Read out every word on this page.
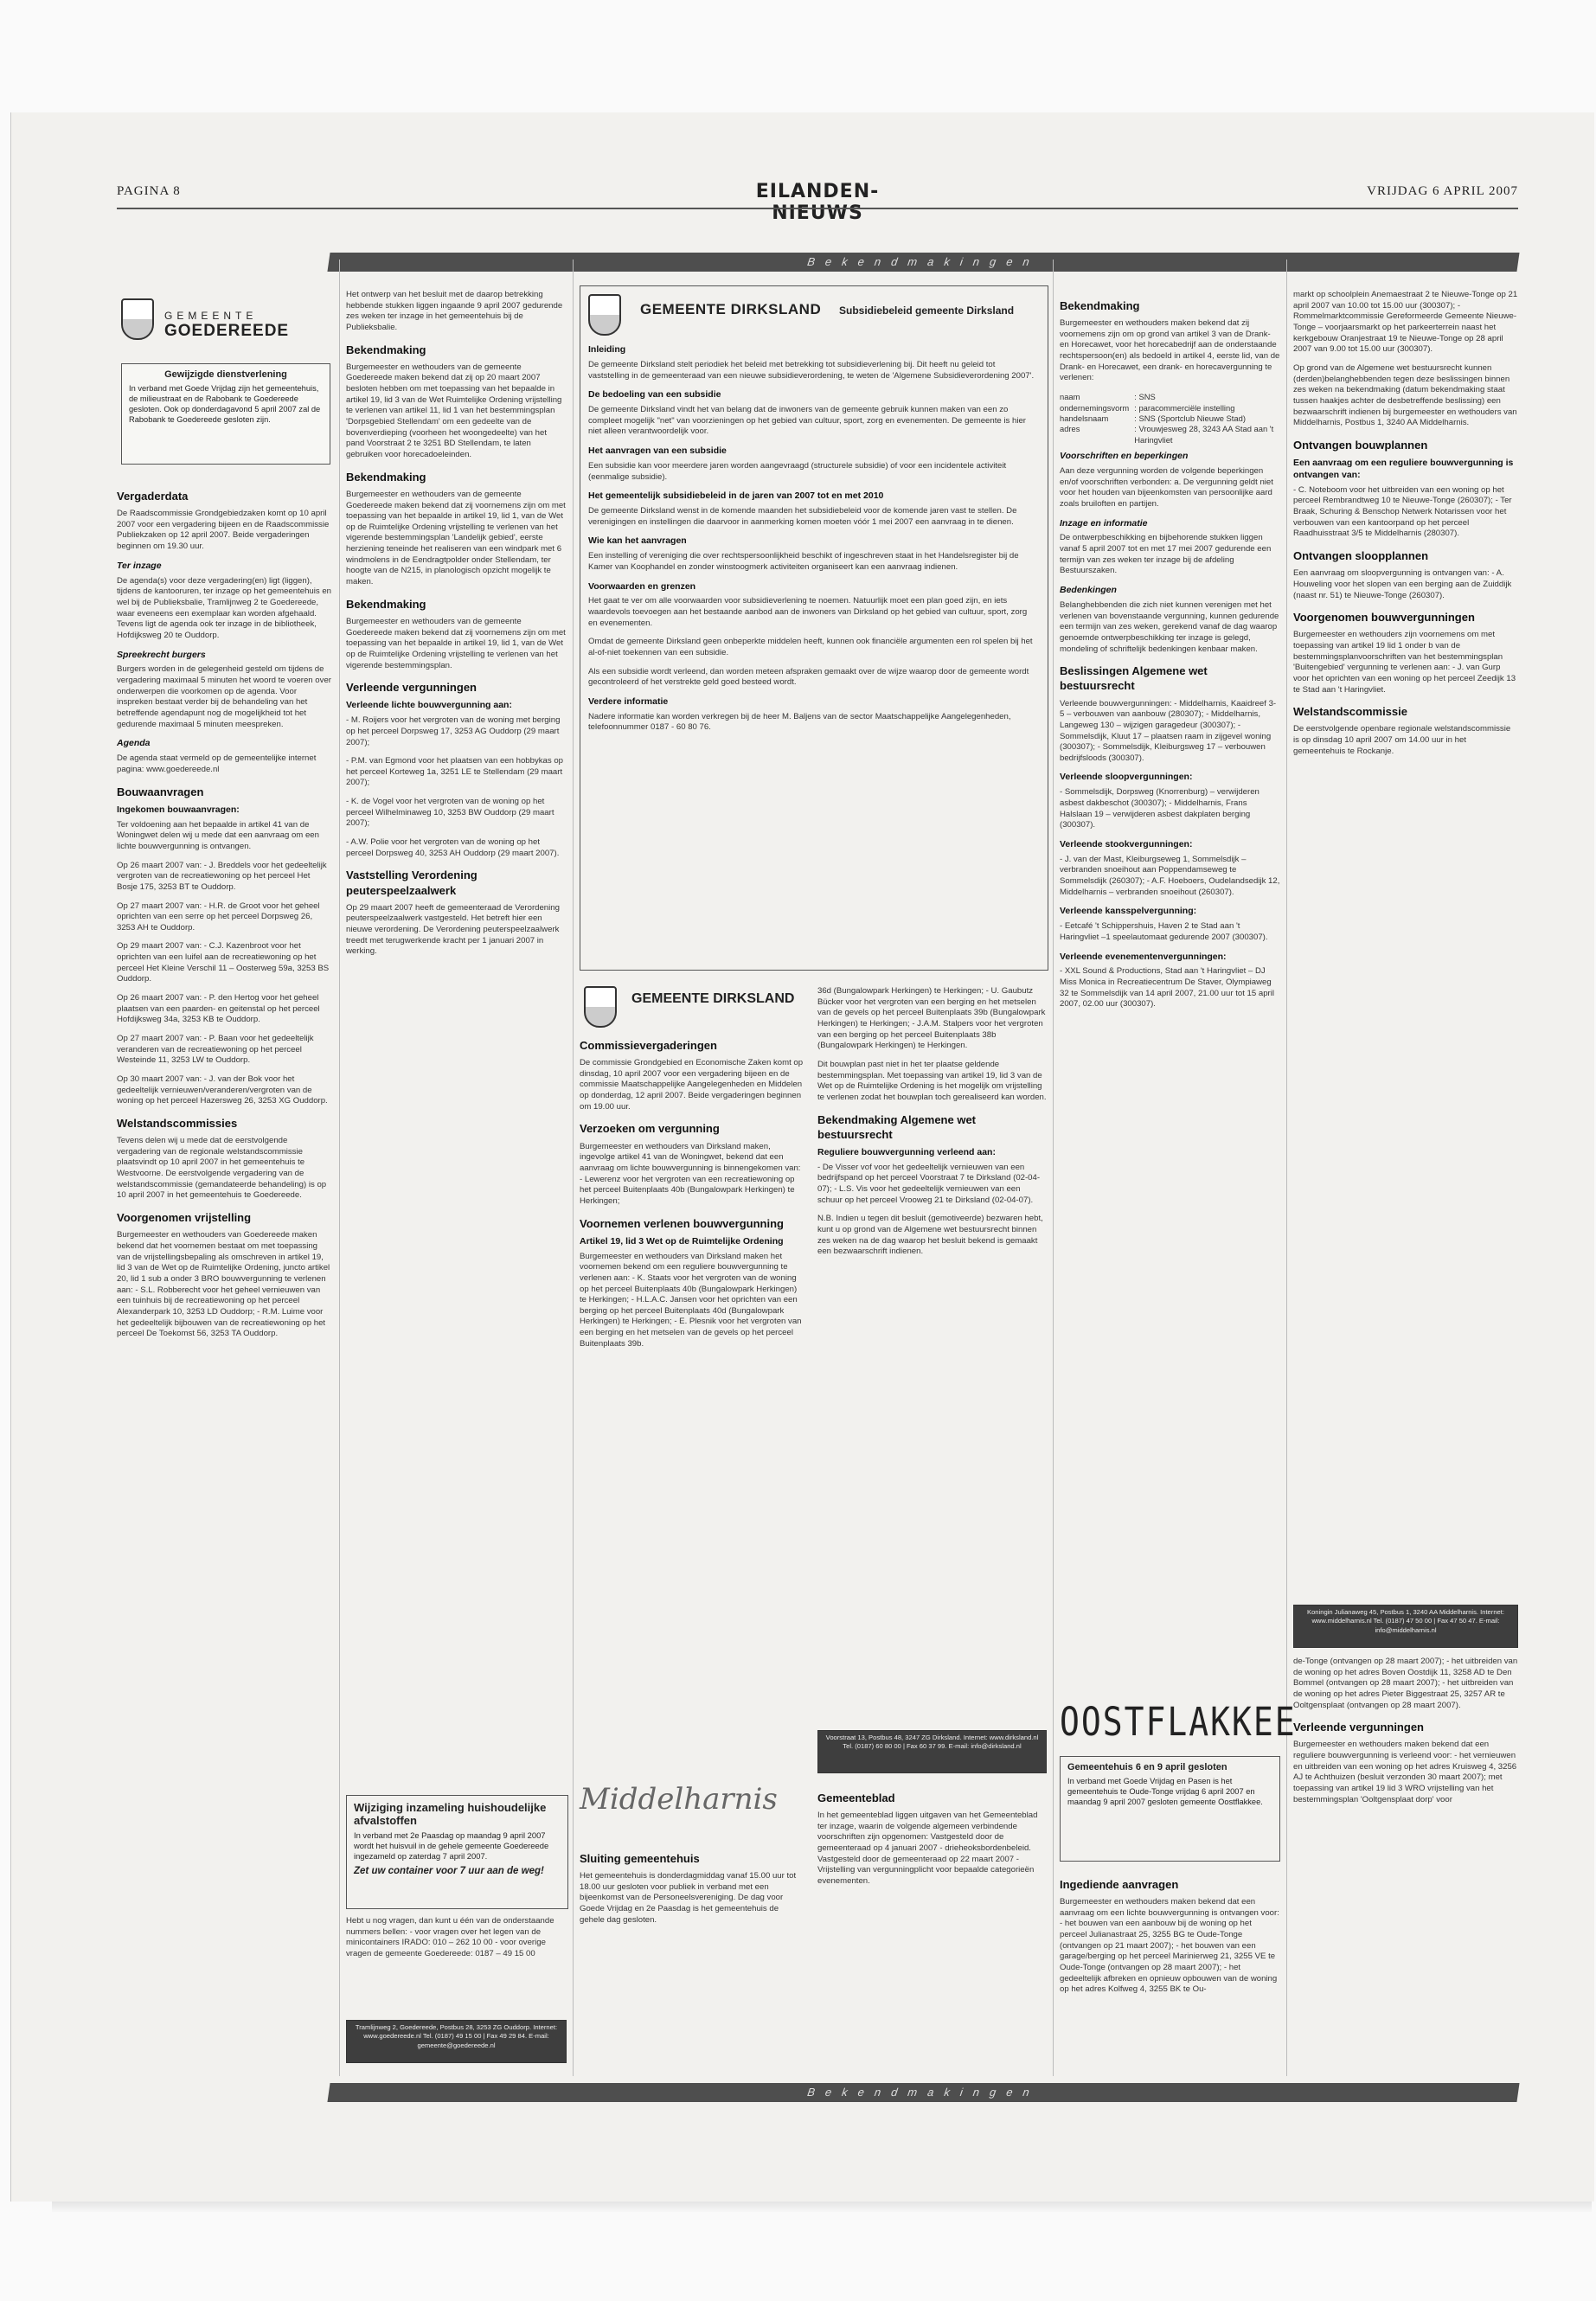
PAGINA 8	EILANDEN-NIEUWS
VRIJDAG 6 APRIL 2007
Bekendmakingen
Bekendmakingen
GEMEENTE
GOEDEREEDE
Gewijzigde dienstverlening
In verband met Goede Vrijdag zijn het gemeentehuis, de milieustraat en de Rabobank te Goedereede gesloten. Ook op donderdagavond 5 april 2007 zal de Rabobank te Goedereede gesloten zijn.
Vergaderdata

De Raadscommissie Grondgebiedzaken komt op 10 april 2007 voor een vergadering bijeen en de Raadscommissie Publiekzaken op 12 april 2007. Beide vergaderingen beginnen om 19.30 uur.

Ter inzage

De agenda(s) voor deze vergadering(en) ligt (liggen), tijdens de kantooruren, ter inzage op het gemeentehuis en wel bij de Publieksbalie, Tramlijnweg 2 te Goedereede, waar eveneens een exemplaar kan worden afgehaald. Tevens ligt de agenda ook ter inzage in de bibliotheek, Hofdijksweg 20 te Ouddorp.

Spreekrecht burgers

Burgers worden in de gelegenheid gesteld om tijdens de vergadering maximaal 5 minuten het woord te voeren over onderwerpen die voorkomen op de agenda. Voor inspreken bestaat verder bij de behandeling van het betreffende agendapunt nog de mogelijkheid tot het gedurende maximaal 5 minuten meespreken.

Agenda

De agenda staat vermeld op de gemeentelijke internet pagina: www.goedereede.nl

Bouwaanvragen
Ingekomen bouwaanvragen:

Ter voldoening aan het bepaalde in artikel 41 van de Woningwet delen wij u mede dat een aanvraag om een lichte bouwvergunning is ontvangen.

Op 26 maart 2007 van: - J. Breddels voor het gedeeltelijk vergroten van de recreatiewoning op het perceel Het Bosje 175, 3253 BT te Ouddorp.

Op 27 maart 2007 van: - H.R. de Groot voor het geheel oprichten van een serre op het perceel Dorpsweg 26, 3253 AH te Ouddorp.

Op 29 maart 2007 van: - C.J. Kazenbroot voor het oprichten van een luifel aan de recreatiewoning op het perceel Het Kleine Verschil 11 – Oosterweg 59a, 3253 BS Ouddorp.

Op 26 maart 2007 van: - P. den Hertog voor het geheel plaatsen van een paarden- en geitenstal op het perceel Hofdijksweg 34a, 3253 KB te Ouddorp.

Op 27 maart 2007 van: - P. Baan voor het gedeeltelijk veranderen van de recreatiewoning op het perceel Westeinde 11, 3253 LW te Ouddorp.

Op 30 maart 2007 van: - J. van der Bok voor het gedeeltelijk vernieuwen/veranderen/vergroten van de woning op het perceel Hazersweg 26, 3253 XG Ouddorp.

Welstandscommissies

Tevens delen wij u mede dat de eerstvolgende vergadering van de regionale welstandscommissie plaatsvindt op 10 april 2007 in het gemeentehuis te Westvoorne. De eerstvolgende vergadering van de welstandscommissie (gemandateerde behandeling) is op 10 april 2007 in het gemeentehuis te Goedereede.

Voorgenomen vrijstelling

Burgemeester en wethouders van Goedereede maken bekend dat het voornemen bestaat om met toepassing van de vrijstellingsbepaling als omschreven in artikel 19, lid 3 van de Wet op de Ruimtelijke Ordening, juncto artikel 20, lid 1 sub a onder 3 BRO bouwvergunning te verlenen aan: - S.L. Robberecht voor het geheel vernieuwen van een tuinhuis bij de recreatiewoning op het perceel Alexanderpark 10, 3253 LD Ouddorp; - R.M. Luime voor het gedeeltelijk bijbouwen van de recreatiewoning op het perceel De Toekomst 56, 3253 TA Ouddorp.

Het ontwerp van het besluit met de daarop betrekking hebbende stukken liggen ingaande 9 april 2007 gedurende zes weken ter inzage in het gemeentehuis bij de Publieksbalie.

Bekendmaking

Burgemeester en wethouders van de gemeente Goedereede maken bekend dat zij op 20 maart 2007 besloten hebben om met toepassing van het bepaalde in artikel 19, lid 3 van de Wet Ruimtelijke Ordening vrijstelling te verlenen van artikel 11, lid 1 van het bestemmingsplan 'Dorpsgebied Stellendam' om een gedeelte van de bovenverdieping (voorheen het woongedeelte) van het pand Voorstraat 2 te 3251 BD Stellendam, te laten gebruiken voor horecadoeleinden.

Bekendmaking

Burgemeester en wethouders van de gemeente Goedereede maken bekend dat zij voornemens zijn om met toepassing van het bepaalde in artikel 19, lid 1, van de Wet op de Ruimtelijke Ordening vrijstelling te verlenen van het vigerende bestemmingsplan 'Landelijk gebied', eerste herziening teneinde het realiseren van een windpark met 6 windmolens in de Eendragtpolder onder Stellendam, ter hoogte van de N215, in planologisch opzicht mogelijk te maken.

Bekendmaking

Burgemeester en wethouders van de gemeente Goedereede maken bekend dat zij voornemens zijn om met toepassing van het bepaalde in artikel 19, lid 1, van de Wet op de Ruimtelijke Ordening vrijstelling te verlenen van het vigerende bestemmingsplan.

Verleende vergunningen
Verleende lichte bouwvergunning aan:

- M. Roijers voor het vergroten van de woning met berging op het perceel Dorpsweg 17, 3253 AG Ouddorp (29 maart 2007);

- P.M. van Egmond voor het plaatsen van een hobbykas op het perceel Korteweg 1a, 3251 LE te Stellendam (29 maart 2007);

- K. de Vogel voor het vergroten van de woning op het perceel Wilhelminaweg 10, 3253 BW Ouddorp (29 maart 2007);

- A.W. Polie voor het vergroten van de woning op het perceel Dorpsweg 40, 3253 AH Ouddorp (29 maart 2007).

Vaststelling Verordening peuterspeelzaalwerk

Op 29 maart 2007 heeft de gemeenteraad de Verordening peuterspeelzaalwerk vastgesteld. Het betreft hier een nieuwe verordening. De Verordening peuterspeelzaalwerk treedt met terugwerkende kracht per 1 januari 2007 in werking.

Wijziging inzameling huishoudelijke afvalstoffen
In verband met 2e Paasdag op maandag 9 april 2007 wordt het huisvuil in de gehele gemeente Goedereede ingezameld op zaterdag 7 april 2007.
Zet uw container voor 7 uur aan de weg!

Hebt u nog vragen, dan kunt u één van de onderstaande nummers bellen: - voor vragen over het legen van de minicontainers IRADO: 010 – 262 10 00 - voor overige vragen de gemeente Goedereede: 0187 – 49 15 00

Tramlijnweg 2, Goedereede, Postbus 28, 3253 ZG Ouddorp. Internet: www.goedereede.nl Tel. (0187) 49 15 00 | Fax 49 29 84. E-mail: gemeente@goedereede.nl
GEMEENTE DIRKSLAND Subsidiebeleid gemeente Dirksland
Inleiding

De gemeente Dirksland stelt periodiek het beleid met betrekking tot subsidieverlening bij. Dit heeft nu geleid tot vaststelling in de gemeenteraad van een nieuwe subsidieverordening, te weten de 'Algemene Subsidieverordening 2007'.

De bedoeling van een subsidie

De gemeente Dirksland vindt het van belang dat de inwoners van de gemeente gebruik kunnen maken van een zo compleet mogelijk "net" van voorzieningen op het gebied van cultuur, sport, zorg en evenementen. De gemeente is hier niet alleen verantwoordelijk voor.

Het aanvragen van een subsidie

Een subsidie kan voor meerdere jaren worden aangevraagd (structurele subsidie) of voor een incidentele activiteit (eenmalige subsidie).

Het gemeentelijk subsidiebeleid in de jaren van 2007 tot en met 2010

De gemeente Dirksland wenst in de komende maanden het subsidiebeleid voor de komende jaren vast te stellen. De verenigingen en instellingen die daarvoor in aanmerking komen moeten vóór 1 mei 2007 een aanvraag in te dienen.

Wie kan het aanvragen

Een instelling of vereniging die over rechtspersoonlijkheid beschikt of ingeschreven staat in het Handelsregister bij de Kamer van Koophandel en zonder winstoogmerk activiteiten organiseert kan een aanvraag indienen.

Voorwaarden en grenzen

Het gaat te ver om alle voorwaarden voor subsidieverlening te noemen. Natuurlijk moet een plan goed zijn, en iets waardevols toevoegen aan het bestaande aanbod aan de inwoners van Dirksland op het gebied van cultuur, sport, zorg en evenementen.

Omdat de gemeente Dirksland geen onbeperkte middelen heeft, kunnen ook financiële argumenten een rol spelen bij het al-of-niet toekennen van een subsidie.

Als een subsidie wordt verleend, dan worden meteen afspraken gemaakt over de wijze waarop door de gemeente wordt gecontroleerd of het verstrekte geld goed besteed wordt.

Verdere informatie

Nadere informatie kan worden verkregen bij de heer M. Baljens van de sector Maatschappelijke Aangelegenheden, telefoonnummer 0187 - 60 80 76.

GEMEENTE DIRKSLAND
Commissievergaderingen

De commissie Grondgebied en Economische Zaken komt op dinsdag, 10 april 2007 voor een vergadering bijeen en de commissie Maatschappelijke Aangelegenheden en Middelen op donderdag, 12 april 2007. Beide vergaderingen beginnen om 19.00 uur.

Verzoeken om vergunning

Burgemeester en wethouders van Dirksland maken, ingevolge artikel 41 van de Woningwet, bekend dat een aanvraag om lichte bouwvergunning is binnengekomen van: - Lewerenz voor het vergroten van een recreatiewoning op het perceel Buitenplaats 40b (Bungalowpark Herkingen) te Herkingen;

Voornemen verlenen bouwvergunning
Artikel 19, lid 3 Wet op de Ruimtelijke Ordening

Burgemeester en wethouders van Dirksland maken het voornemen bekend om een reguliere bouwvergunning te verlenen aan: - K. Staats voor het vergroten van de woning op het perceel Buitenplaats 40b (Bungalowpark Herkingen) te Herkingen; - H.L.A.C. Jansen voor het oprichten van een berging op het perceel Buitenplaats 40d (Bungalowpark Herkingen) te Herkingen; - E. Plesnik voor het vergroten van een berging en het metselen van de gevels op het perceel Buitenplaats 39b.

36d (Bungalowpark Herkingen) te Herkingen; - U. Gaubutz Bücker voor het vergroten van een berging en het metselen van de gevels op het perceel Buitenplaats 39b (Bungalowpark Herkingen) te Herkingen; - J.A.M. Stalpers voor het vergroten van een berging op het perceel Buitenplaats 38b (Bungalowpark Herkingen) te Herkingen.

Dit bouwplan past niet in het ter plaatse geldende bestemmingsplan. Met toepassing van artikel 19, lid 3 van de Wet op de Ruimtelijke Ordening is het mogelijk om vrijstelling te verlenen zodat het bouwplan toch gerealiseerd kan worden.

Bekendmaking Algemene wet bestuursrecht
Reguliere bouwvergunning verleend aan:

- De Visser vof voor het gedeeltelijk vernieuwen van een bedrijfspand op het perceel Voorstraat 7 te Dirksland (02-04-07); - L.S. Vis voor het gedeeltelijk vernieuwen van een schuur op het perceel Vrooweg 21 te Dirksland (02-04-07).

N.B. Indien u tegen dit besluit (gemotiveerde) bezwaren hebt, kunt u op grond van de Algemene wet bestuursrecht binnen zes weken na de dag waarop het besluit bekend is gemaakt een bezwaarschrift indienen.

Voorstraat 13, Postbus 48, 3247 ZG Dirksland. Internet: www.dirksland.nl Tel. (0187) 60 80 00 | Fax 60 37 99. E-mail: info@dirksland.nl
Middelharnis
Sluiting gemeentehuis

Het gemeentehuis is donderdagmiddag vanaf 15.00 uur tot 18.00 uur gesloten voor publiek in verband met een bijeenkomst van de Personeelsvereniging. De dag voor Goede Vrijdag en 2e Paasdag is het gemeentehuis de gehele dag gesloten.

Gemeenteblad

In het gemeenteblad liggen uitgaven van het Gemeenteblad ter inzage, waarin de volgende algemeen verbindende voorschriften zijn opgenomen: Vastgesteld door de gemeenteraad op 4 januari 2007 - drieheoksbordenbeleid. Vastgesteld door de gemeenteraad op 22 maart 2007 - Vrijstelling van vergunningplicht voor bepaalde categorieën evenementen.

Bekendmaking

Burgemeester en wethouders maken bekend dat zij voornemens zijn om op grond van artikel 3 van de Drank- en Horecawet, voor het horecabedrijf aan de onderstaande rechtspersoon(en) als bedoeld in artikel 4, eerste lid, van de Drank- en Horecawet, een drank- en horecavergunning te verlenen:

naam	: SNS
ondernemingsvorm	: paracommerciële instelling
handelsnaam	: SNS (Sportclub Nieuwe Stad)
adres	: Vrouwjesweg 28, 3243 AA Stad aan 't Haringvliet
Voorschriften en beperkingen

Aan deze vergunning worden de volgende beperkingen en/of voorschriften verbonden: a. De vergunning geldt niet voor het houden van bijeenkomsten van persoonlijke aard zoals bruiloften en partijen.

Inzage en informatie

De ontwerpbeschikking en bijbehorende stukken liggen vanaf 5 april 2007 tot en met 17 mei 2007 gedurende een termijn van zes weken ter inzage bij de afdeling Bestuurszaken.

Bedenkingen

Belanghebbenden die zich niet kunnen verenigen met het verlenen van bovenstaande vergunning, kunnen gedurende een termijn van zes weken, gerekend vanaf de dag waarop genoemde ontwerpbeschikking ter inzage is gelegd, mondeling of schriftelijk bedenkingen kenbaar maken.

Beslissingen Algemene wet bestuursrecht

Verleende bouwvergunningen: - Middelharnis, Kaaidreef 3-5 – verbouwen van aanbouw (280307); - Middelharnis, Langeweg 130 – wijzigen garagedeur (300307); - Sommelsdijk, Kluut 17 – plaatsen raam in zijgevel woning (300307); - Sommelsdijk, Kleiburgsweg 17 – verbouwen bedrijfsloods (300307).

Verleende sloopvergunningen:

- Sommelsdijk, Dorpsweg (Knorrenburg) – verwijderen asbest dakbeschot (300307); - Middelharnis, Frans Halslaan 19 – verwijderen asbest dakplaten berging (300307).

Verleende stookvergunningen:

- J. van der Mast, Kleiburgseweg 1, Sommelsdijk – verbranden snoeihout aan Poppendamseweg te Sommelsdijk (260307); - A.F. Hoeboers, Oudelandsedijk 12, Middelharnis – verbranden snoeihout (260307).

Verleende kansspelvergunning:

- Eetcafé 't Schippershuis, Haven 2 te Stad aan 't Haringvliet –1 speelautomaat gedurende 2007 (300307).

Verleende evenementenvergunningen:

- XXL Sound & Productions, Stad aan 't Haringvliet – DJ Miss Monica in Recreatiecentrum De Staver, Olympiaweg 32 te Sommelsdijk van 14 april 2007, 21.00 uur tot 15 april 2007, 02.00 uur (300307).

OOSTFLAKKEE
Gemeentehuis 6 en 9 april gesloten
In verband met Goede Vrijdag en Pasen is het gemeentehuis te Oude-Tonge vrijdag 6 april 2007 en maandag 9 april 2007 gesloten gemeente Oostflakkee.
Ingediende aanvragen

Burgemeester en wethouders maken bekend dat een aanvraag om een lichte bouwvergunning is ontvangen voor: - het bouwen van een aanbouw bij de woning op het perceel Julianastraat 25, 3255 BG te Oude-Tonge (ontvangen op 21 maart 2007); - het bouwen van een garage/berging op het perceel Marinierweg 21, 3255 VE te Oude-Tonge (ontvangen op 28 maart 2007); - het gedeeltelijk afbreken en opnieuw opbouwen van de woning op het adres Kolfweg 4, 3255 BK te Ou-

markt op schoolplein Anemaestraat 2 te Nieuwe-Tonge op 21 april 2007 van 10.00 tot 15.00 uur (300307); - Rommelmarktcommissie Gereformeerde Gemeente Nieuwe-Tonge – voorjaarsmarkt op het parkeerterrein naast het kerkgebouw Oranjestraat 19 te Nieuwe-Tonge op 28 april 2007 van 9.00 tot 15.00 uur (300307).

Op grond van de Algemene wet bestuursrecht kunnen (derden)belanghebbenden tegen deze beslissingen binnen zes weken na bekendmaking (datum bekendmaking staat tussen haakjes achter de desbetreffende beslissing) een bezwaarschrift indienen bij burgemeester en wethouders van Middelharnis, Postbus 1, 3240 AA Middelharnis.

Ontvangen bouwplannen
Een aanvraag om een reguliere bouwvergunning is ontvangen van:

- C. Noteboom voor het uitbreiden van een woning op het perceel Rembrandtweg 10 te Nieuwe-Tonge (260307); - Ter Braak, Schuring & Benschop Netwerk Notarissen voor het verbouwen van een kantoorpand op het perceel Raadhuisstraat 3/5 te Middelharnis (280307).

Ontvangen sloopplannen

Een aanvraag om sloopvergunning is ontvangen van: - A. Houweling voor het slopen van een berging aan de Zuiddijk (naast nr. 51) te Nieuwe-Tonge (260307).

Voorgenomen bouwvergunningen

Burgemeester en wethouders zijn voornemens om met toepassing van artikel 19 lid 1 onder b van de bestemmingsplanvoorschriften van het bestemmingsplan 'Buitengebied' vergunning te verlenen aan: - J. van Gurp voor het oprichten van een woning op het perceel Zeedijk 13 te Stad aan 't Haringvliet.

Welstandscommissie

De eerstvolgende openbare regionale welstandscommissie is op dinsdag 10 april 2007 om 14.00 uur in het gemeentehuis te Rockanje.

Koningin Julianaweg 45, Postbus 1, 3240 AA Middelharnis. Internet: www.middelharnis.nl Tel. (0187) 47 50 00 | Fax 47 50 47. E-mail: info@middelharnis.nl

de-Tonge (ontvangen op 28 maart 2007); - het uitbreiden van de woning op het adres Boven Oostdijk 11, 3258 AD te Den Bommel (ontvangen op 28 maart 2007); - het uitbreiden van de woning op het adres Pieter Biggestraat 25, 3257 AR te Ooltgensplaat (ontvangen op 28 maart 2007).

Verleende vergunningen

Burgemeester en wethouders maken bekend dat een reguliere bouwvergunning is verleend voor: - het vernieuwen en uitbreiden van een woning op het adres Kruisweg 4, 3256 AJ te Achthuizen (besluit verzonden 30 maart 2007); met toepassing van artikel 19 lid 3 WRO vrijstelling van het bestemmingsplan 'Ooltgensplaat dorp' voor
